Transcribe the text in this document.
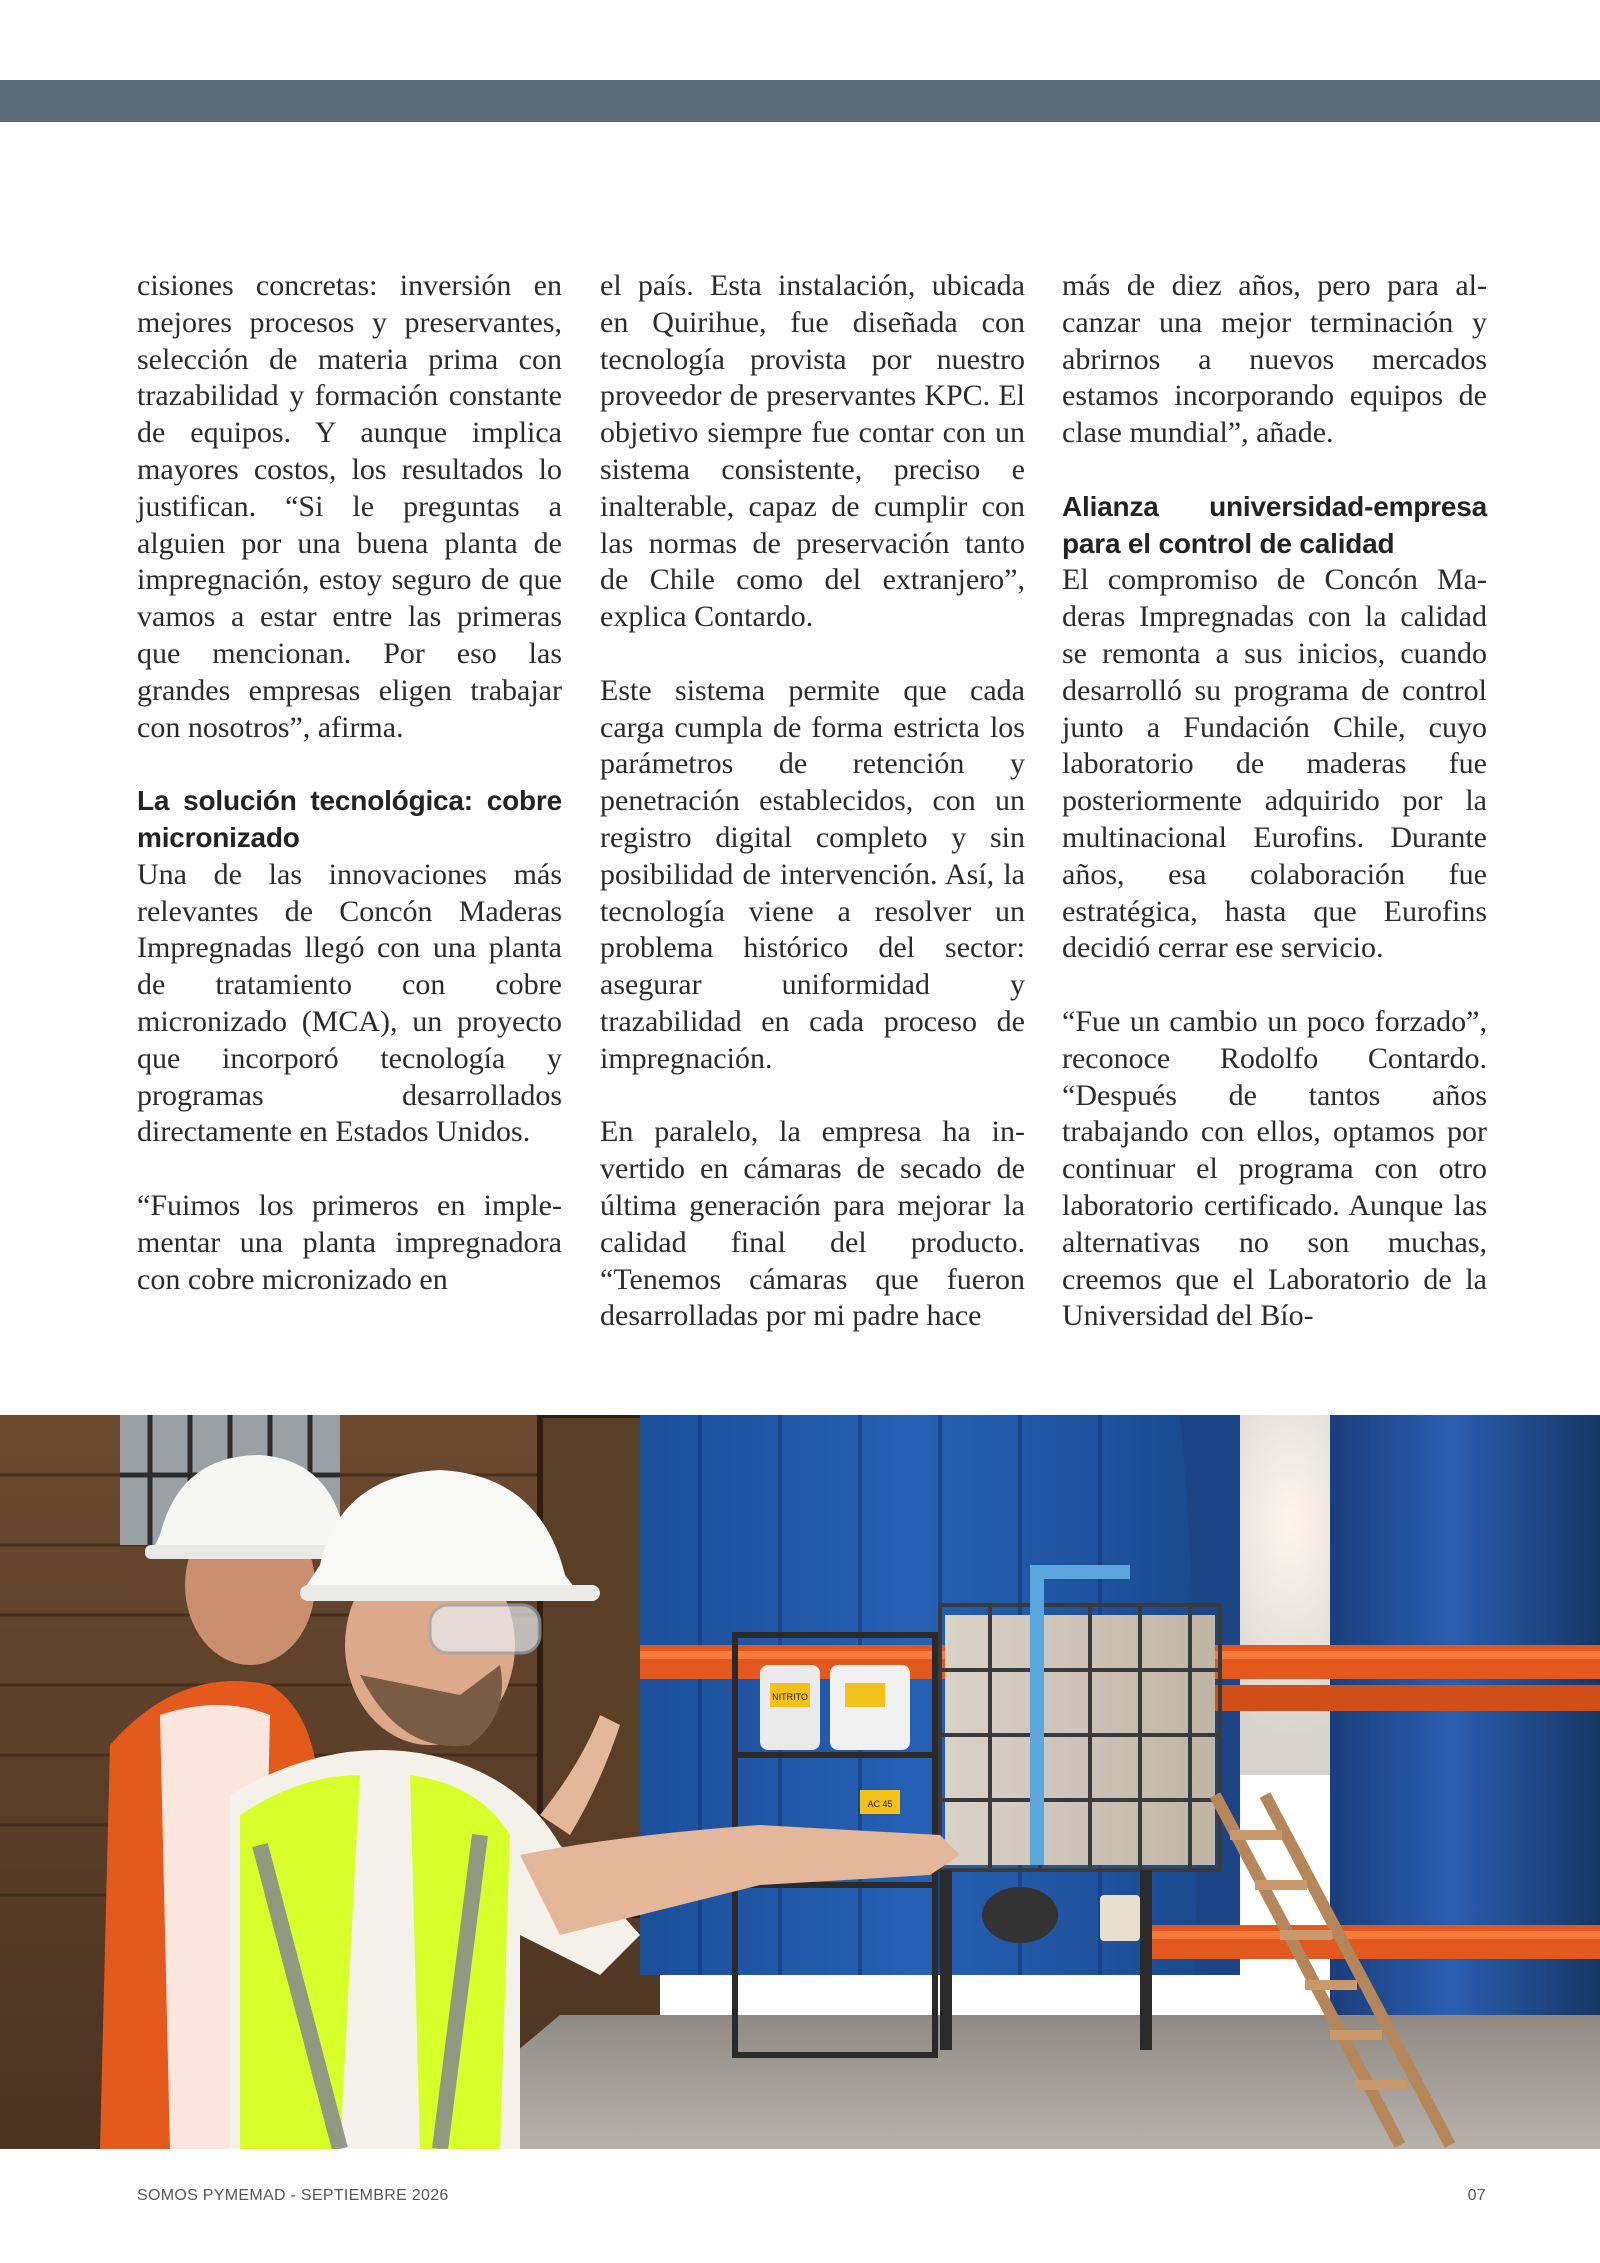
cisiones concretas: inversión en mejores procesos y preservantes, selección de materia prima con trazabilidad y formación constante de equipos. Y aunque implica mayores costos, los resultados lo justifican. “Si le preguntas a alguien por una buena planta de impregnación, estoy seguro de que vamos a estar entre las primeras que mencionan. Por eso las grandes empresas eligen trabajar con nosotros”, afirma.

La solución tecnológica: cobre micronizado

Una de las innovaciones más relevantes de Concón Maderas Impregnadas llegó con una planta de tratamiento con cobre micronizado (MCA), un proyecto que incorporó tecnología y programas desarrollados directamente en Estados Unidos.

“Fuimos los primeros en implementar una planta impregnadora con cobre micronizado en

el país. Esta instalación, ubicada en Quirihue, fue diseñada con tecnología provista por nuestro proveedor de preservantes KPC. El objetivo siempre fue contar con un sistema consistente, preciso e inalterable, capaz de cumplir con las normas de preservación tanto de Chile como del extranjero”, explica Contardo.

Este sistema permite que cada carga cumpla de forma estricta los parámetros de retención y penetración establecidos, con un registro digital completo y sin posibilidad de intervención. Así, la tecnología viene a resolver un problema histórico del sector: asegurar uniformidad y trazabilidad en cada proceso de impregnación.

En paralelo, la empresa ha invertido en cámaras de secado de última generación para mejorar la calidad final del producto. “Tenemos cámaras que fueron desarrolladas por mi padre hace

más de diez años, pero para alcanzar una mejor terminación y abrirnos a nuevos mercados estamos incorporando equipos de clase mundial”, añade.

Alianza universidad-empresa para el control de calidad

El compromiso de Concón Maderas Impregnadas con la calidad se remonta a sus inicios, cuando desarrolló su programa de control junto a Fundación Chile, cuyo laboratorio de maderas fue posteriormente adquirido por la multinacional Eurofins. Durante años, esa colaboración fue estratégica, hasta que Eurofins decidió cerrar ese servicio.

“Fue un cambio un poco forzado”, reconoce Rodolfo Contardo. “Después de tantos años trabajando con ellos, optamos por continuar el programa con otro laboratorio certificado. Aunque las alternativas no son muchas, creemos que el Laboratorio de la Universidad del Bío-

NITRITO
AC 45
SOMOS PYMEMAD - SEPTIEMBRE 2026	07
